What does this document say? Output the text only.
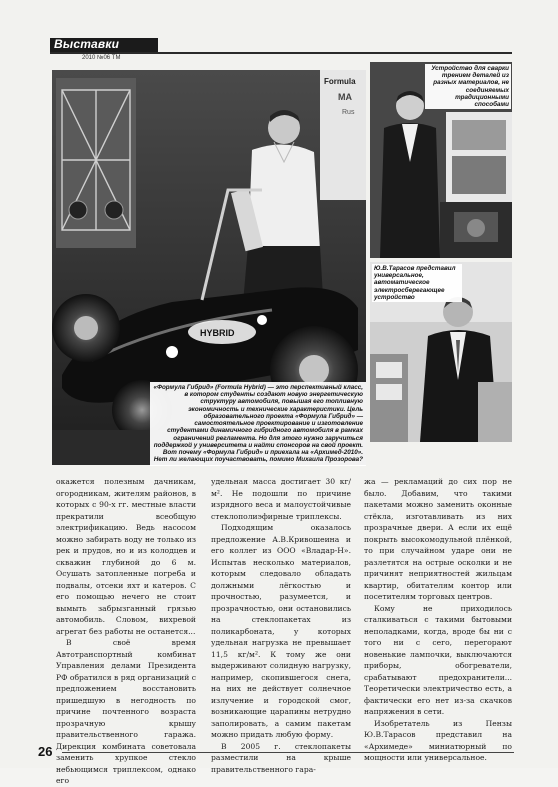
Выставки
2010 №06 ТМ
Formula
MA
Rus
HYBRID
«Формула Гибрид» (Formula Hybrid) — это перспективный класс, в котором студенты создают новую энергетическую структуру автомобиля, повышая его топливную экономичность и технические характеристики. Цель образовательного проекта «Формула Гибрид» — самостоятельное проектирование и изготовление студентами динамичного гибридного автомобиля в рамках ограничений регламента. Но для этого нужно заручиться поддержкой у университета и найти спонсоров на свой проект. Вот почему «Формула Гибрид» и приехала на «Архимед-2010». Нет ли желающих поучаствовать, помимо Михаила Прозорова?
Устройство для сварки трением деталей из разных материалов, не соединяемых традиционными способами
Ю.В.Тарасов представил универсальное, автоматическое электросберегающее устройство

окажется полезным дачникам, огородникам, жителям районов, в которых с 90-х гг. местные власти прекратили всеобщую электрификацию. Ведь насосом можно забирать воду не только из рек и прудов, но и из колодцев и скважин глубиной до 6 м. Осушать затопленные погреба и подвалы, отсеки яхт и катеров. С его помощью нечего не стоит вымыть забрызганный грязью автомобиль. Словом, вихревой агрегат без работы не останется...

В своё время Автотранспортный комбинат Управления делами Президента РФ обратился в ряд организаций с предложением восстановить пришедшую в негодность по причине почтенного возраста прозрачную крышу правительственного гаража. Дирекция комбината советовала заменить хрупкое стекло небьющимся триплексом, однако его

удельная масса достигает 30 кг/м². Не подошли по причине изрядного веса и малоустойчивые стеклополиэфирные триплексы.

Подходящим оказалось предложение А.В.Кривошеина и его коллег из ООО «Владар-Н». Испытав несколько материалов, которым следовало обладать должными лёгкостью и прочностью, разумеется, и прозрачностью, они остановились на стеклопакетах из поликарбоната, у которых удельная нагрузка не превышает 11,5 кг/м². К тому же они выдерживают солидную нагрузку, например, скопившегося снега, на них не действует солнечное излучение и городской смог, возникающие царапины нетрудно заполировать, а самим пакетам можно придать любую форму.

В 2005 г. стеклопакеты разместили на крыше правительственного гара-

жа — рекламаций до сих пор не было. Добавим, что такими пакетами можно заменить оконные стёкла, изготавливать из них прозрачные двери. А если их ещё покрыть высокомодульной плёнкой, то при случайном ударе они не разлетятся на острые осколки и не причинят неприятностей жильцам квартир, обитателям контор или посетителям торговых центров.

Кому не приходилось сталкиваться с такими бытовыми неполадками, когда, вроде бы ни с того ни с сего, перегорают новенькие лампочки, выключаются приборы, обогреватели, срабатывают предохранители... Теоретически электричество есть, а фактически его нет из-за скачков напряжения в сети.

Изобретатель из Пензы Ю.В.Тарасов представил на «Архимеде» миниатюрный по мощности или универсальное.

26
